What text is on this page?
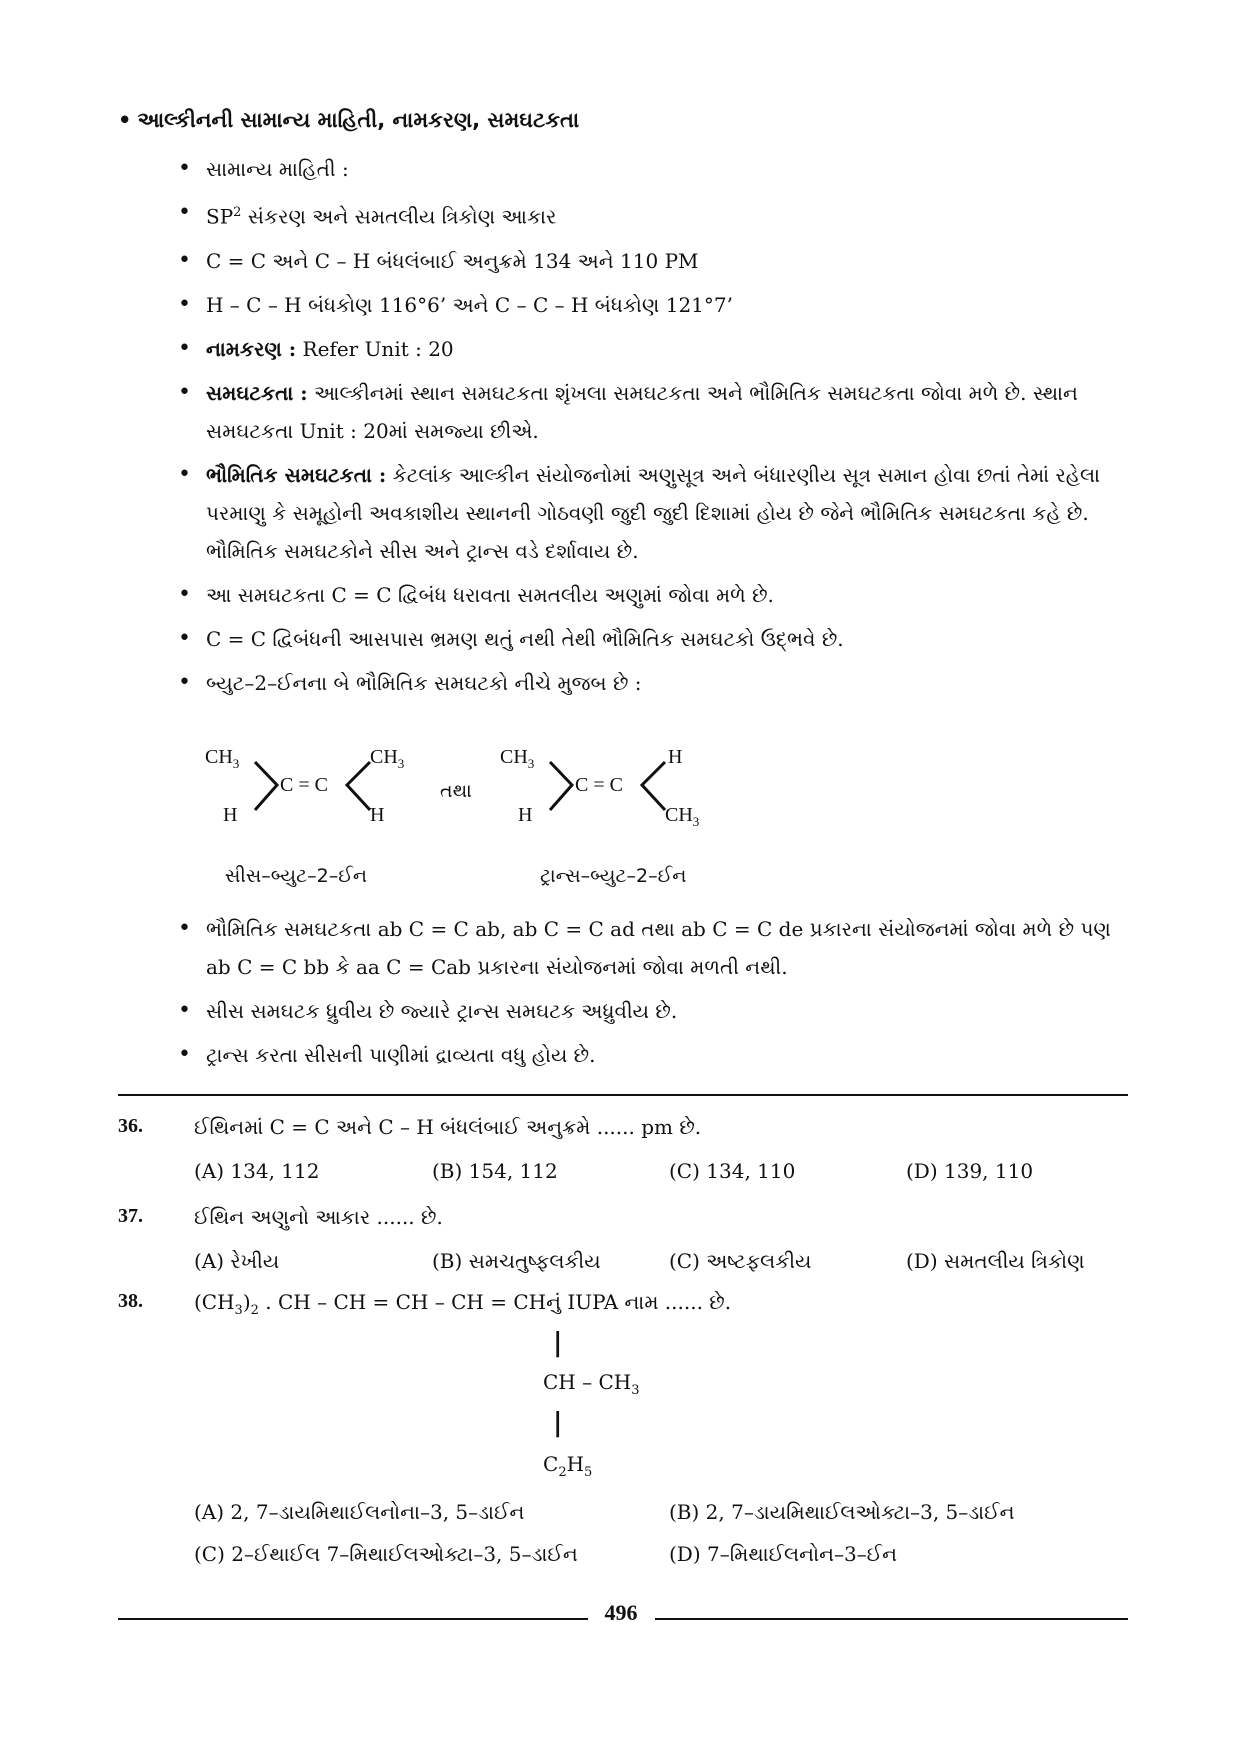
• આલ્કીનની સામાન્ય માહિતી, નામકરણ, સમઘટકતા
• સામાન્ય માહિતી :
• $SP^2$ સંકરણ અને સમતલીય ત્રિકોણ આકાર
• C = C અને C – H બંધલંબાઈ અનુક્રમે 134 અને 110 PM
• H – C – H બંધકોણ 116°6’ અને C – C – H બંધકોણ 121°7’
• નામકરણ : Refer Unit : 20
• સમઘટકતા : આલ્કીનમાં સ્થાન સમઘટકતા શૃંખલા સમઘટકતા અને ભૌમિતિક સમઘટકતા જોવા મળે છે. સ્થાન સમઘટકતા Unit : 20માં સમજ્યા છીએ.
• ભૌમિતિક સમઘટકતા : કેટલાંક આલ્કીન સંયોજનોમાં અણુસૂત્ર અને બંધારણીય સૂત્ર સમાન હોવા છતાં તેમાં રહેલા પરમાણુ કે સમૂહોની અવકાશીય સ્થાનની ગોઠવણી જુદી જુદી દિશામાં હોય છે જેને ભૌમિતિક સમઘટકતા કહે છે. ભૌમિતિક સમઘટકોને સીસ અને ટ્રાન્સ વડે દર્શાવાય છે.
• આ સમઘટકતા C = C દ્વિબંધ ધરાવતા સમતલીય અણુમાં જોવા મળે છે.
• C = C દ્વિબંધની આસપાસ ભ્રમણ થતું નથી તેથી ભૌમિતિક સમઘટકો ઉદ્‌ભવે છે.
• બ્યુટ–2–ઈનના બે ભૌમિતિક સમઘટકો નીચે મુજબ છે :
$CH_3$
H
C = C
$CH_3$
H
તથા
$CH_3$
H
C = C
H
$CH_3$
સીસ–બ્યુટ–2–ઈન	ટ્રાન્સ–બ્યુટ–2–ઈન
• ભૌમિતિક સમઘટકતા ab C = C ab, ab C = C ad તથા ab C = C de પ્રકારના સંયોજનમાં જોવા મળે છે પણ ab C = C bb કે aa C = Cab પ્રકારના સંયોજનમાં જોવા મળતી નથી.
• સીસ સમઘટક ધ્રુવીય છે જ્યારે ટ્રાન્સ સમઘટક અધ્રુવીય છે.
• ટ્રાન્સ કરતા સીસની પાણીમાં દ્રાવ્યતા વધુ હોય છે.
36.	ઈથિનમાં C = C અને C – H બંધલંબાઈ અનુક્રમે ...... pm છે.
(A) 134, 112	(B) 154, 112	(C) 134, 110	(D) 139, 110
37.	ઈથિન અણુનો આકાર ...... છે.
(A) રેખીય	(B) સમચતુષ્ફલકીય	(C) અષ્ટફલકીય	(D) સમતલીય ત્રિકોણ
38.	$(CH_3)_2$ . CH – CH = CH – CH = CHનું IUPA નામ ...... છે.
|
CH – $CH_3$
|
$C_2H_5$
(A) 2, 7–ડાયમિથાઈલનોના–3, 5–ડાઈન	(B) 2, 7–ડાયમિથાઈલઓક્ટા–3, 5–ડાઈન
(C) 2–ઈથાઈલ 7–મિથાઈલઓક્ટા–3, 5–ડાઈન	(D) 7–મિથાઈલનોન–3–ઈન
496
